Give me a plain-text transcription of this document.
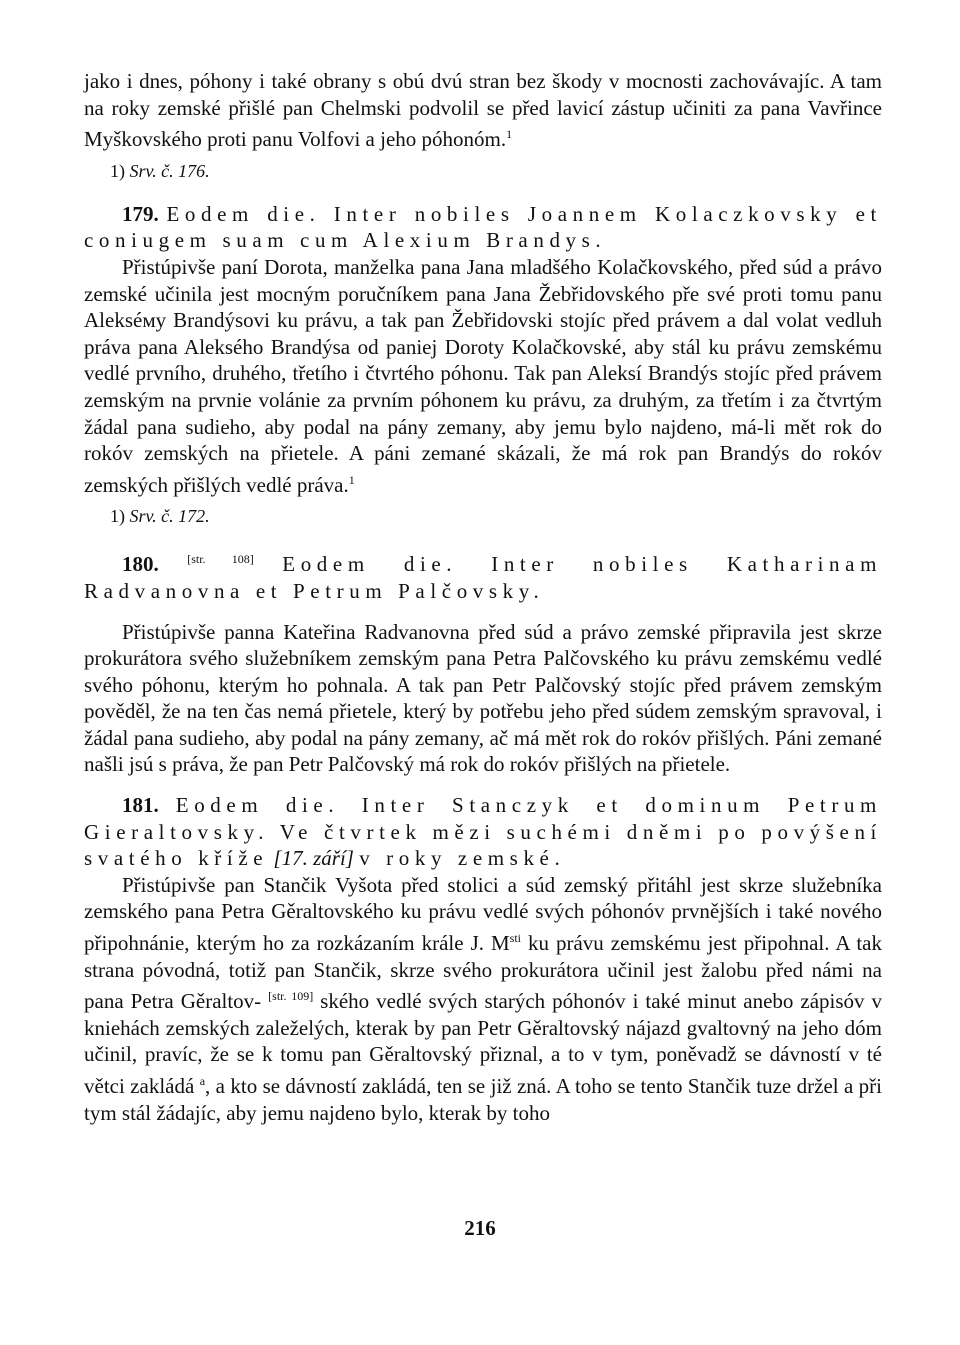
jako i dnes, póhony i také obrany s obú dvú stran bez škody v mocnosti zachovávajíc. A tam na roky zemské přišlé pan Chelmski podvolil se před lavicí zástup učiniti za pana Vavřince Myškovského proti panu Volfovi a jeho póhonóm.$^1$

1) Srv. č. 176.

179. Eodem die. Inter nobiles Joannem Kolaczkovsky et coniugem suam cum Alexium Brandys.

Přistúpivše paní Dorota, manželka pana Jana mladšého Kolačkovského, před súd a právo zemské učinila jest mocným poručníkem pana Jana Žebřidovského pře své proti tomu panu Alekséму Brandýsovi ku právu, a tak pan Žebřidovski stojíc před právem a dal volat vedluh práva pana Alekséhо Brandýsa od paniej Doroty Kolačkovské, aby stál ku právu zemskému vedlé prvního, druhého, třetího i čtvrtého póhonu. Tak pan Aleksí Brandýs stojíc před právem zemským na prvnie volánie za prvním póhonem ku právu, za druhým, za třetím i za čtvrtým žádal pana sudieho, aby podal na pány zemany, aby jemu bylo najdeno, má-li mět rok do rokóv zemských na přietele. A páni zemané skázali, že má rok pan Brandýs do rokóv zemských přišlých vedlé práva.$^1$

1) Srv. č. 172.

180. [str. 108] Eodem die. Inter nobiles Katharinam Radvanovna et Petrum Palčovsky.

Přistúpivše panna Kateřina Radvanovna před súd a právo zemské připravila jest skrze prokurátora svého služebníkem zemským pana Petra Palčovského ku právu zemskému vedlé svého póhonu, kterým ho pohnala. A tak pan Petr Palčovský stojíc před právem zemským pověděl, že na ten čas nemá přietele, který by potřebu jeho před súdem zemským spravoval, i žádal pana sudieho, aby podal na pány zemany, ač má mět rok do rokóv přišlých. Páni zemané našli jsú s práva, že pan Petr Palčovský má rok do rokóv přišlých na přietele.

181. Eodem die. Inter Stanczyk et dominum Petrum Gieraltovsky. Ve čtvrtek mězi suchémi dněmi po povýšení svatého kříže [17. září] v roky zemské.

Přistúpivše pan Stančik Vyšota před stolici a súd zemský přitáhl jest skrze služebníka zemského pana Petra Gěraltovského ku právu vedlé svých póhonóv prvnějších i také nového připohnánie, kterým ho za rozkázaním krále J. $M^{sti}$ ku právu zemskému jest připohnal. A tak strana póvodná, totiž pan Stančik, skrze svého prokurátora učinil jest žalobu před námi na pana Petra Gěraltov- [str. 109] ského vedlé svých starých póhonóv i také minut anebo zápisóv v kniehách zemských zaleželých, kterak by pan Petr Gěraltovský nájazd gvaltovný na jeho dóm učinil, pravíc, že se k tomu pan Gěraltovský přiznal, a to v tym, poněvadž se dávností v té větci zakládá $^a$, a kto se dávností zakládá, ten se již zná. A toho se tento Stančik tuze držel a při tym stál žádajíc, aby jemu najdeno bylo, kterak by toho

216
